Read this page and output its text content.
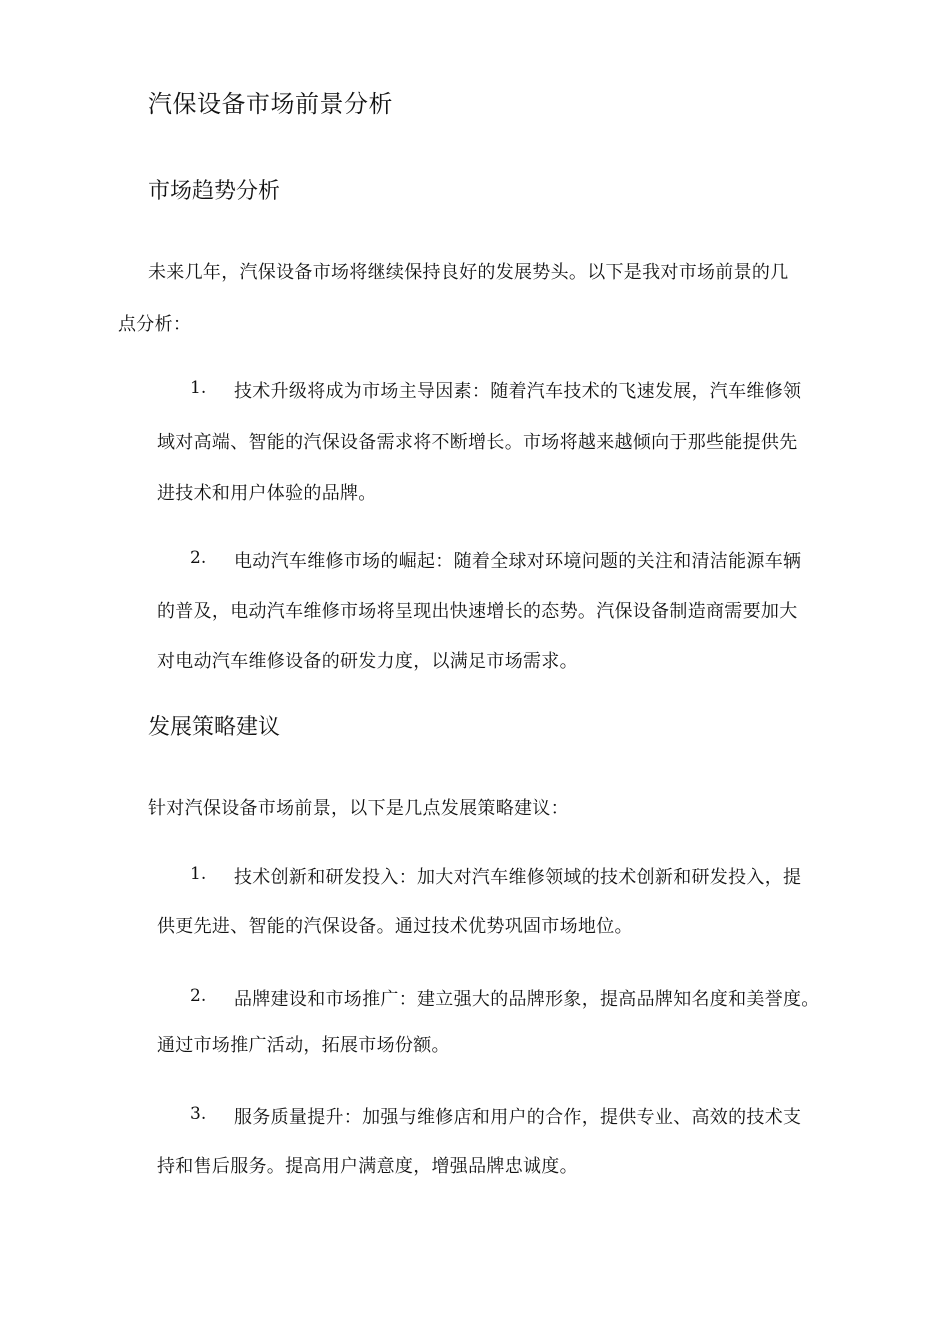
汽保设备市场前景分析
市场趋势分析
未来几年，汽保设备市场将继续保持良好的发展势头。以下是我对市场前景的几
点分析：
1. 技术升级将成为市场主导因素：随着汽车技术的飞速发展，汽车维修领
域对高端、智能的汽保设备需求将不断增长。市场将越来越倾向于那些能提供先
进技术和用户体验的品牌。
2. 电动汽车维修市场的崛起：随着全球对环境问题的关注和清洁能源车辆
的普及，电动汽车维修市场将呈现出快速增长的态势。汽保设备制造商需要加大
对电动汽车维修设备的研发力度，以满足市场需求。
发展策略建议
针对汽保设备市场前景，以下是几点发展策略建议：
1. 技术创新和研发投入：加大对汽车维修领域的技术创新和研发投入，提
供更先进、智能的汽保设备。通过技术优势巩固市场地位。
2. 品牌建设和市场推广：建立强大的品牌形象，提高品牌知名度和美誉度。
通过市场推广活动，拓展市场份额。
3. 服务质量提升：加强与维修店和用户的合作，提供专业、高效的技术支
持和售后服务。提高用户满意度，增强品牌忠诚度。
